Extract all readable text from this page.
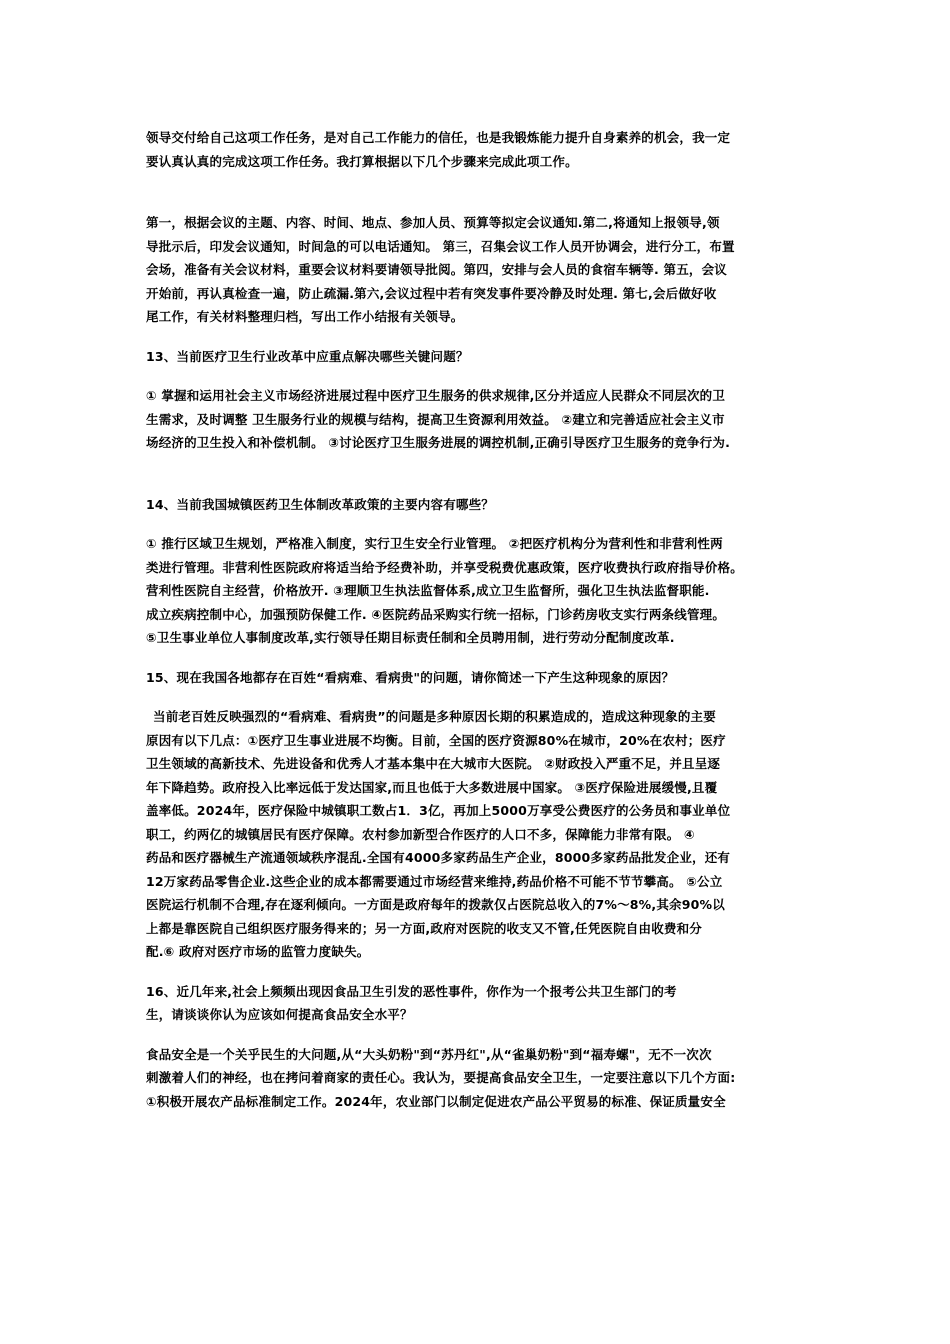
领导交付给自己这项工作任务，是对自己工作能力的信任，也是我锻炼能力提升自身素养的机会，我一定

要认真认真的完成这项工作任务。我打算根据以下几个步骤来完成此项工作。

第一，根据会议的主题、内容、时间、地点、参加人员、预算等拟定会议通知.第二,将通知上报领导,领

导批示后，印发会议通知，时间急的可以电话通知。 第三，召集会议工作人员开协调会，进行分工，布置

会场，准备有关会议材料，重要会议材料要请领导批阅。第四，安排与会人员的食宿车辆等. 第五，会议

开始前，再认真检查一遍，防止疏漏.第六,会议过程中若有突发事件要冷静及时处理. 第七,会后做好收

尾工作，有关材料整理归档，写出工作小结报有关领导。

13、当前医疗卫生行业改革中应重点解决哪些关键问题？

① 掌握和运用社会主义市场经济进展过程中医疗卫生服务的供求规律,区分并适应人民群众不同层次的卫

生需求，及时调整 卫生服务行业的规模与结构，提高卫生资源利用效益。 ②建立和完善适应社会主义市

场经济的卫生投入和补偿机制。 ③讨论医疗卫生服务进展的调控机制,正确引导医疗卫生服务的竞争行为.

14、当前我国城镇医药卫生体制改革政策的主要内容有哪些？

① 推行区域卫生规划，严格准入制度，实行卫生安全行业管理。 ②把医疗机构分为营利性和非营利性两

类进行管理。非营利性医院政府将适当给予经费补助，并享受税费优惠政策，医疗收费执行政府指导价格。

营利性医院自主经营，价格放开. ③理顺卫生执法监督体系,成立卫生监督所，强化卫生执法监督职能.

成立疾病控制中心，加强预防保健工作. ④医院药品采购实行统一招标，门诊药房收支实行两条线管理。

⑤卫生事业单位人事制度改革,实行领导任期目标责任制和全员聘用制，进行劳动分配制度改革.

15、现在我国各地都存在百姓“看病难、看病贵"的问题，请你简述一下产生这种现象的原因？

当前老百姓反映强烈的“看病难、看病贵”的问题是多种原因长期的积累造成的，造成这种现象的主要

原因有以下几点：①医疗卫生事业进展不均衡。目前，全国的医疗资源80%在城市，20%在农村；医疗

卫生领域的高新技术、先进设备和优秀人才基本集中在大城市大医院。 ②财政投入严重不足，并且呈逐

年下降趋势。政府投入比率远低于发达国家,而且也低于大多数进展中国家。 ③医疗保险进展缓慢,且覆

盖率低。2024年，医疗保险中城镇职工数占1．3亿，再加上5000万享受公费医疗的公务员和事业单位

职工，约两亿的城镇居民有医疗保障。农村参加新型合作医疗的人口不多，保障能力非常有限。 ④

药品和医疗器械生产流通领域秩序混乱.全国有4000多家药品生产企业，8000多家药品批发企业，还有

12万家药品零售企业.这些企业的成本都需要通过市场经营来维持,药品价格不可能不节节攀高。 ⑤公立

医院运行机制不合理,存在逐利倾向。一方面是政府每年的拨款仅占医院总收入的7%～8%,其余90%以

上都是靠医院自己组织医疗服务得来的；另一方面,政府对医院的收支又不管,任凭医院自由收费和分

配.⑥ 政府对医疗市场的监管力度缺失。

16、近几年来,社会上频频出现因食品卫生引发的恶性事件，你作为一个报考公共卫生部门的考

生，请谈谈你认为应该如何提高食品安全水平？

食品安全是一个关乎民生的大问题,从“大头奶粉"到“苏丹红",从“雀巢奶粉"到“福寿螺"，无不一次次

刺激着人们的神经，也在拷问着商家的责任心。我认为，要提高食品安全卫生，一定要注意以下几个方面:

①积极开展农产品标准制定工作。2024年，农业部门以制定促进农产品公平贸易的标准、保证质量安全
